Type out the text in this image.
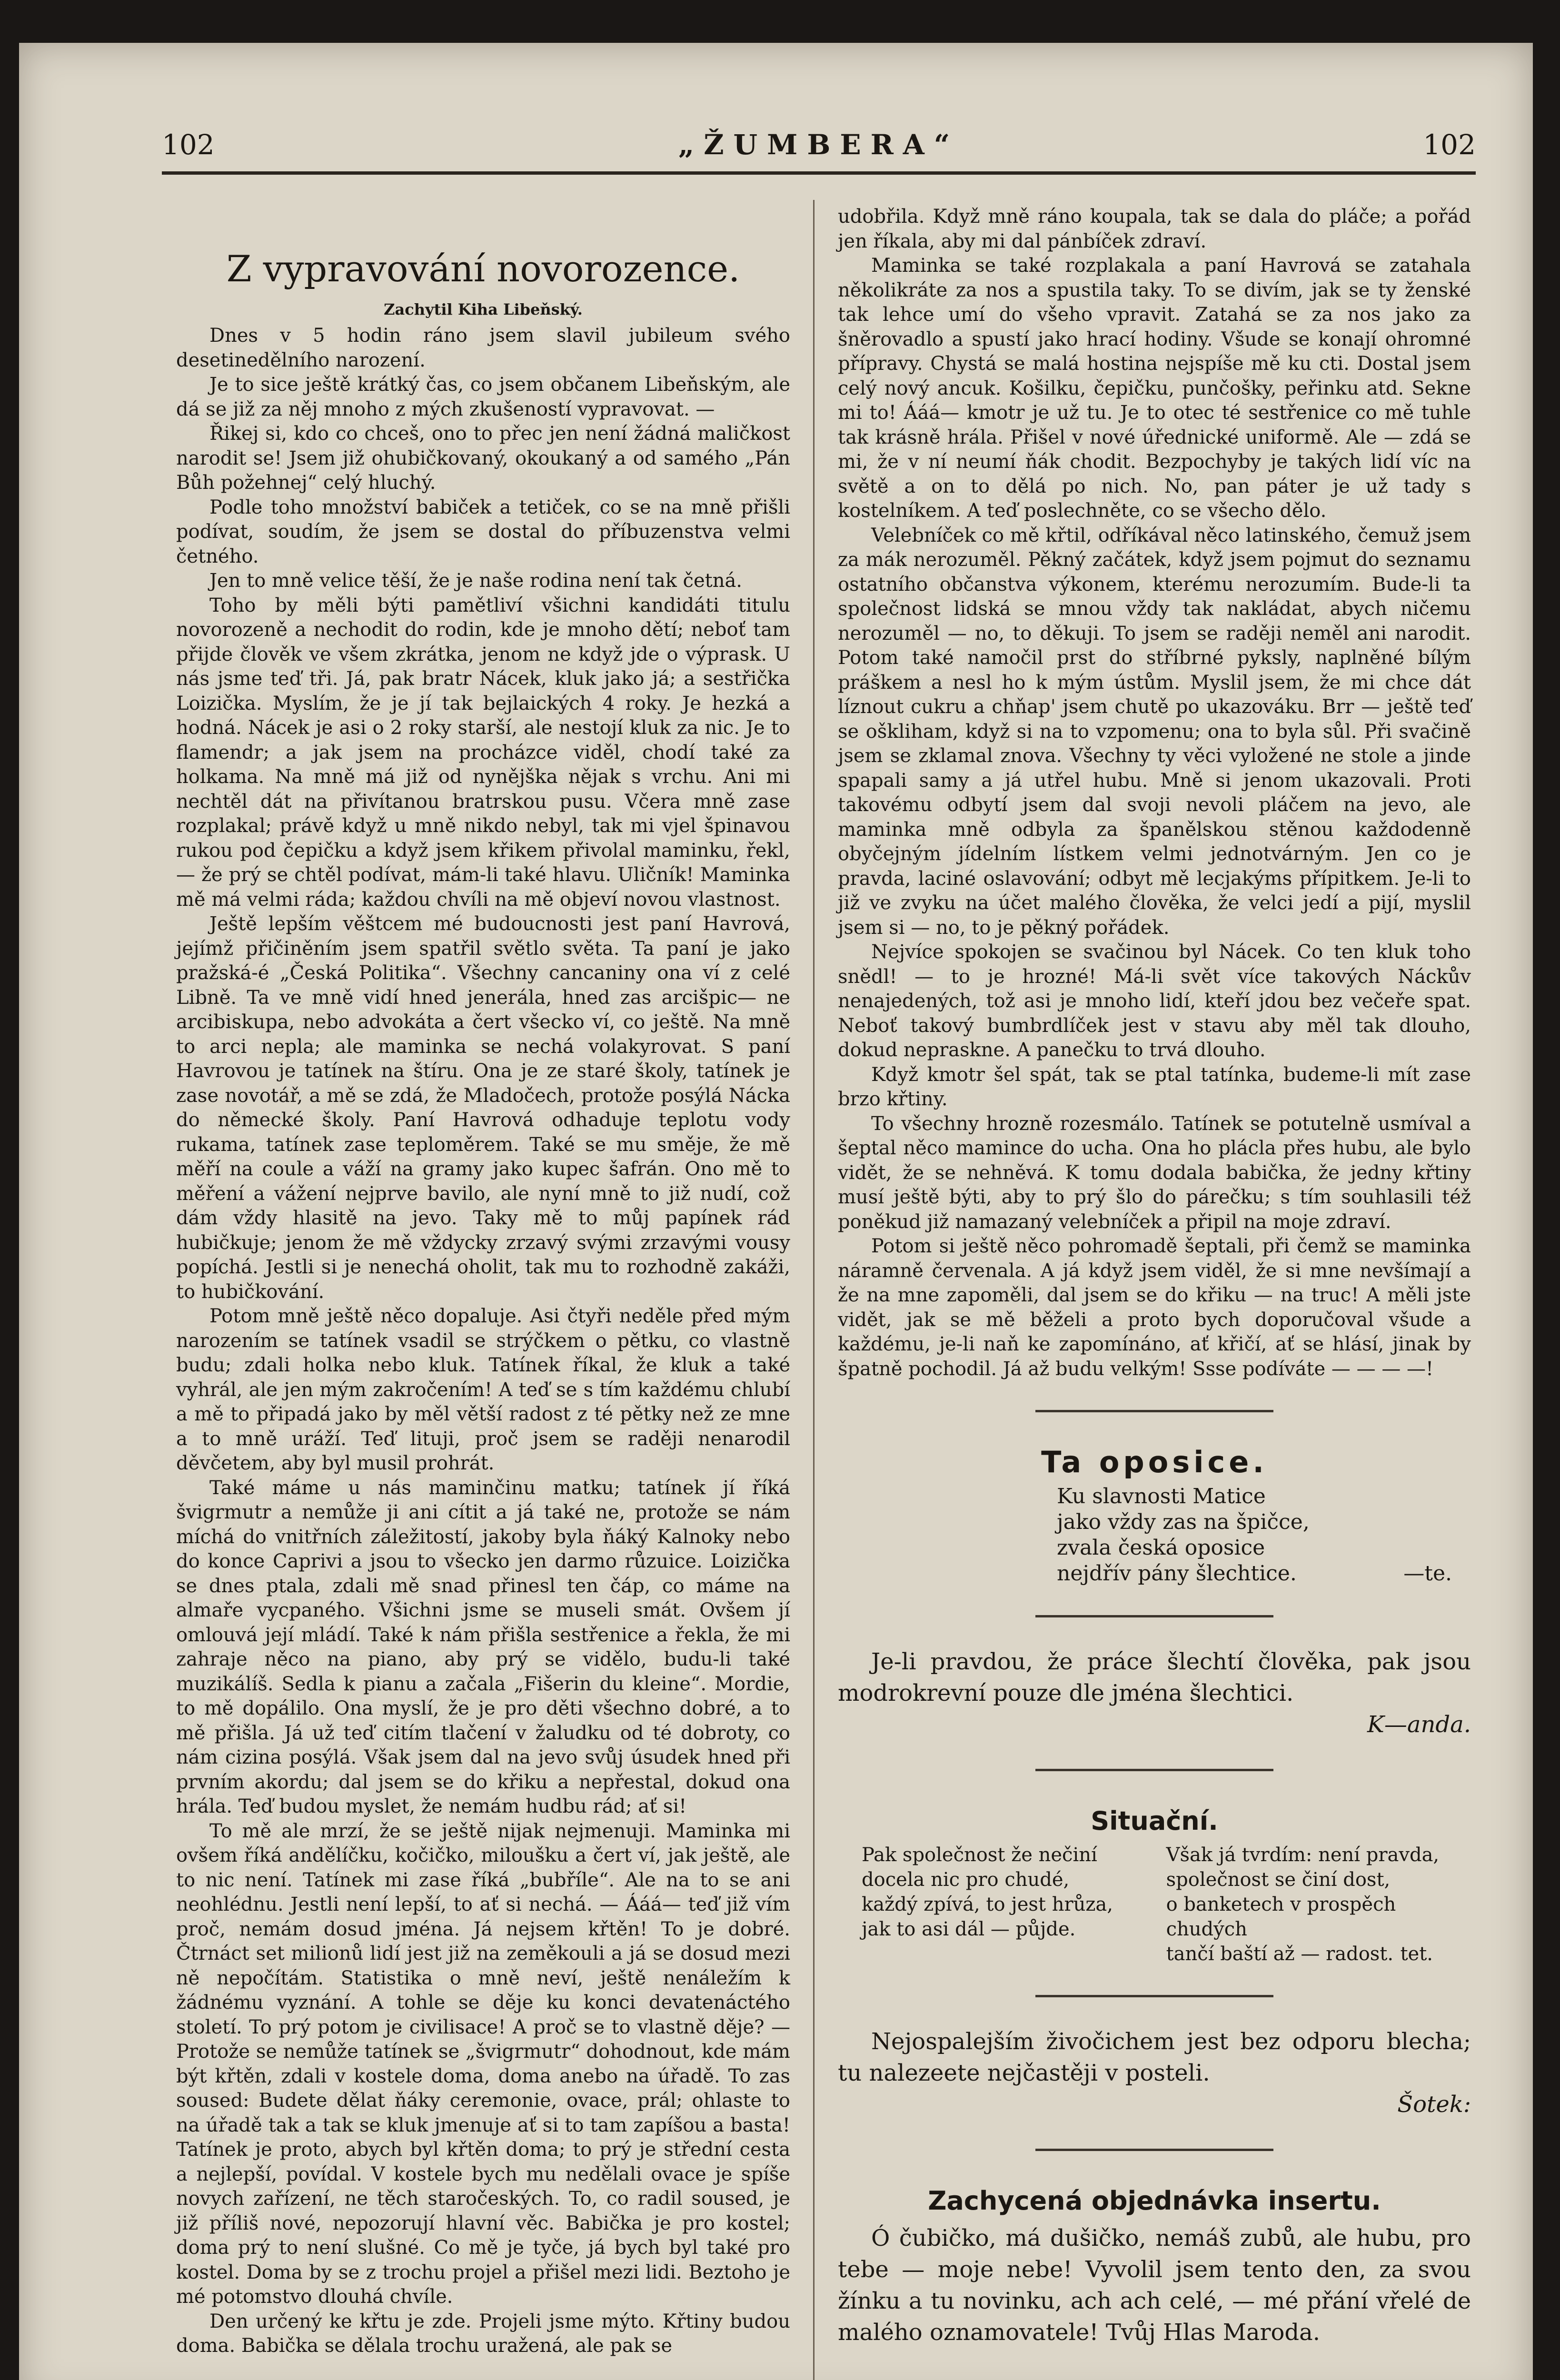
102	„ŽUMBERA“	102
Z vypravování novorozence.
Zachytil Kiha Libeňský.

Dnes v 5 hodin ráno jsem slavil jubileum svého desetinedělního narození.

Je to sice ještě krátký čas, co jsem občanem Libeňským, ale dá se již za něj mnoho z mých zkušeností vypravovat. —

Řikej si, kdo co chceš, ono to přec jen není žádná maličkost narodit se! Jsem již ohubičkovaný, okoukaný a od samého „Pán Bůh požehnej“ celý hluchý.

Podle toho množství babiček a tetiček, co se na mně přišli podívat, soudím, že jsem se dostal do příbuzenstva velmi četného.

Jen to mně velice těší, že je naše rodina není tak četná.

Toho by měli býti pamětliví všichni kandidáti titulu novorozeně a nechodit do rodin, kde je mnoho dětí; neboť tam přijde člověk ve všem zkrátka, jenom ne když jde o výprask. U nás jsme teď tři. Já, pak bratr Nácek, kluk jako já; a sestřička Loizička. Myslím, že je jí tak bejlaických 4 roky. Je hezká a hodná. Nácek je asi o 2 roky starší, ale nestojí kluk za nic. Je to flamendr; a jak jsem na procházce viděl, chodí také za holkama. Na mně má již od nynějška nějak s vrchu. Ani mi nechtěl dát na přivítanou bratrskou pusu. Včera mně zase rozplakal; právě když u mně nikdo nebyl, tak mi vjel špinavou rukou pod čepičku a když jsem křikem přivolal maminku, řekl, — že prý se chtěl podívat, mám-li také hlavu. Uličník! Maminka mě má velmi ráda; každou chvíli na mě objeví novou vlastnost.

Ještě lepším věštcem mé budoucnosti jest paní Havrová, jejímž přičiněním jsem spatřil světlo světa. Ta paní je jako pražská-é „Česká Politika“. Všechny cancaniny ona ví z celé Libně. Ta ve mně vidí hned jenerála, hned zas arcišpic— ne arcibiskupa, nebo advokáta a čert všecko ví, co ještě. Na mně to arci nepla; ale maminka se nechá volakyrovat. S paní Havrovou je tatínek na štíru. Ona je ze staré školy, tatínek je zase novotář, a mě se zdá, že Mladočech, protože posýlá Nácka do německé školy. Paní Havrová odhaduje teplotu vody rukama, tatínek zase teploměrem. Také se mu směje, že mě měří na coule a váží na gramy jako kupec šafrán. Ono mě to měření a vážení nejprve bavilo, ale nyní mně to již nudí, což dám vždy hlasitě na jevo. Taky mě to můj papínek rád hubičkuje; jenom že mě vždycky zrzavý svými zrzavými vousy popíchá. Jestli si je nenechá oholit, tak mu to rozhodně zakáži, to hubičkování.

Potom mně ještě něco dopaluje. Asi čtyři neděle před mým narozením se tatínek vsadil se strýčkem o pětku, co vlastně budu; zdali holka nebo kluk. Tatínek říkal, že kluk a také vyhrál, ale jen mým zakročením! A teď se s tím každému chlubí a mě to připadá jako by měl větší radost z té pětky než ze mne a to mně uráží. Teď lituji, proč jsem se raději nenarodil děvčetem, aby byl musil prohrát.

Také máme u nás maminčinu matku; tatínek jí říká švigrmutr a nemůže ji ani cítit a já také ne, protože se nám míchá do vnitřních záležitostí, jakoby byla ňáký Kalnoky nebo do konce Caprivi a jsou to všecko jen darmo růzuice. Loizička se dnes ptala, zdali mě snad přinesl ten čáp, co máme na almaře vycpaného. Všichni jsme se museli smát. Ovšem jí omlouvá její mládí. Také k nám přišla sestřenice a řekla, že mi zahraje něco na piano, aby prý se vidělo, budu-li také muzikálíš. Sedla k pianu a začala „Fišerin du kleine“. Mordie, to mě dopálilo. Ona myslí, že je pro děti všechno dobré, a to mě přišla. Já už teď citím tlačení v žaludku od té dobroty, co nám cizina posýlá. Však jsem dal na jevo svůj úsudek hned při prvním akordu; dal jsem se do křiku a nepřestal, dokud ona hrála. Teď budou myslet, že nemám hudbu rád; ať si!

To mě ale mrzí, že se ještě nijak nejmenuji. Maminka mi ovšem říká andělíčku, kočičko, miloušku a čert ví, jak ještě, ale to nic není. Tatínek mi zase říká „bubříle“. Ale na to se ani neohlédnu. Jestli není lepší, to ať si nechá. — Ááá— teď již vím proč, nemám dosud jména. Já nejsem křtěn! To je dobré. Čtrnáct set milionů lidí jest již na zeměkouli a já se dosud mezi ně nepočítám. Statistika o mně neví, ještě nenáležím k žádnému vyznání. A tohle se děje ku konci devatenáctého století. To prý potom je civilisace! A proč se to vlastně děje? — Protože se nemůže tatínek se „švigrmutr“ dohodnout, kde mám být křtěn, zdali v kostele doma, doma anebo na úřadě. To zas soused: Budete dělat ňáky ceremonie, ovace, prál; ohlaste to na úřadě tak a tak se kluk jmenuje ať si to tam zapíšou a basta! Tatínek je proto, abych byl křtěn doma; to prý je střední cesta a nejlepší, povídal. V kostele bych mu nedělali ovace je spíše novych zařízení, ne těch staročeských. To, co radil soused, je již příliš nové, nepozorují hlavní věc. Babička je pro kostel; doma prý to není slušné. Co mě je tyče, já bych byl také pro kostel. Doma by se z trochu projel a přišel mezi lidi. Beztoho je mé potomstvo dlouhá chvíle.

Den určený ke křtu je zde. Projeli jsme mýto. Křtiny budou doma. Babička se dělala trochu uražená, ale pak se

udobřila. Když mně ráno koupala, tak se dala do pláče; a pořád jen říkala, aby mi dal pánbíček zdraví.

Maminka se také rozplakala a paní Havrová se zatahala několikráte za nos a spustila taky. To se divím, jak se ty ženské tak lehce umí do všeho vpravit. Zatahá se za nos jako za šněrovadlo a spustí jako hrací hodiny. Všude se konají ohromné přípravy. Chystá se malá hostina nejspíše mě ku cti. Dostal jsem celý nový ancuk. Košilku, čepičku, punčošky, peřinku atd. Sekne mi to! Ááá— kmotr je už tu. Je to otec té sestřenice co mě tuhle tak krásně hrála. Přišel v nové úřednické uniformě. Ale — zdá se mi, že v ní neumí ňák chodit. Bezpochyby je takých lidí víc na světě a on to dělá po nich. No, pan páter je už tady s kostelníkem. A teď poslechněte, co se všecho dělo.

Velebníček co mě křtil, odříkával něco latinského, čemuž jsem za mák nerozuměl. Pěkný začátek, když jsem pojmut do seznamu ostatního občanstva výkonem, kterému nerozumím. Bude-li ta společnost lidská se mnou vždy tak nakládat, abych ničemu nerozuměl — no, to děkuji. To jsem se raději neměl ani narodit. Potom také namočil prst do stříbrné pyksly, naplněné bílým práškem a nesl ho k mým ústům. Myslil jsem, že mi chce dát líznout cukru a chňap' jsem chutě po ukazováku. Brr — ještě teď se oškliham, když si na to vzpomenu; ona to byla sůl. Při svačině jsem se zklamal znova. Všechny ty věci vyložené ne stole a jinde spapali samy a já utřel hubu. Mně si jenom ukazovali. Proti takovému odbytí jsem dal svoji nevoli pláčem na jevo, ale maminka mně odbyla za španělskou stěnou každodenně obyčejným jídelním lístkem velmi jednotvárným. Jen co je pravda, laciné oslavování; odbyt mě lecjakýms přípitkem. Je-li to již ve zvyku na účet malého člověka, že velci jedí a pijí, myslil jsem si — no, to je pěkný pořádek.

Nejvíce spokojen se svačinou byl Nácek. Co ten kluk toho snědl! — to je hrozné! Má-li svět více takových Náckův nenajedených, tož asi je mnoho lidí, kteří jdou bez večeře spat. Neboť takový bumbrdlíček jest v stavu aby měl tak dlouho, dokud nepraskne. A panečku to trvá dlouho.

Když kmotr šel spát, tak se ptal tatínka, budeme-li mít zase brzo křtiny.

To všechny hrozně rozesmálo. Tatínek se potutelně usmíval a šeptal něco mamince do ucha. Ona ho plácla přes hubu, ale bylo vidět, že se nehněvá. K tomu dodala babička, že jedny křtiny musí ještě býti, aby to prý šlo do párečku; s tím souhlasili též poněkud již namazaný velebníček a připil na moje zdraví.

Potom si ještě něco pohromadě šeptali, při čemž se maminka náramně červenala. A já když jsem viděl, že si mne nevšímají a že na mne zapoměli, dal jsem se do křiku — na truc! A měli jste vidět, jak se mě běželi a proto bych doporučoval všude a každému, je-li naň ke zapomínáno, ať křičí, ať se hlásí, jinak by špatně pochodil. Já až budu velkým! Ssse podíváte — — — —!

Ta oposice.

Ku slavnosti Matice

jako vždy zas na špičce,

zvala česká oposice

nejdřív pány šlechtice.	—te.

Je-li pravdou, že práce šlechtí člověka, pak jsou modrokrevní pouze dle jména šlechtici.

K—anda.
Situační.

Pak společnost že nečiní

docela nic pro chudé,

každý zpívá, to jest hrůza,

jak to asi dál — půjde.

Však já tvrdím: není pravda,

společnost se činí dost,

o banketech v prospěch chudých

tančí baští až — radost. tet.

Nejospalejším živočichem jest bez odporu blecha; tu nalezeete nejčastěji v posteli.

Šotek:
Zachycená objednávka insertu.

Ó čubičko, má dušičko, nemáš zubů, ale hubu, pro tebe — moje nebe! Vyvolil jsem tento den, za svou žínku a tu novinku, ach ach celé, — mé přání vřelé de malého oznamovatele! Tvůj Hlas Maroda.
